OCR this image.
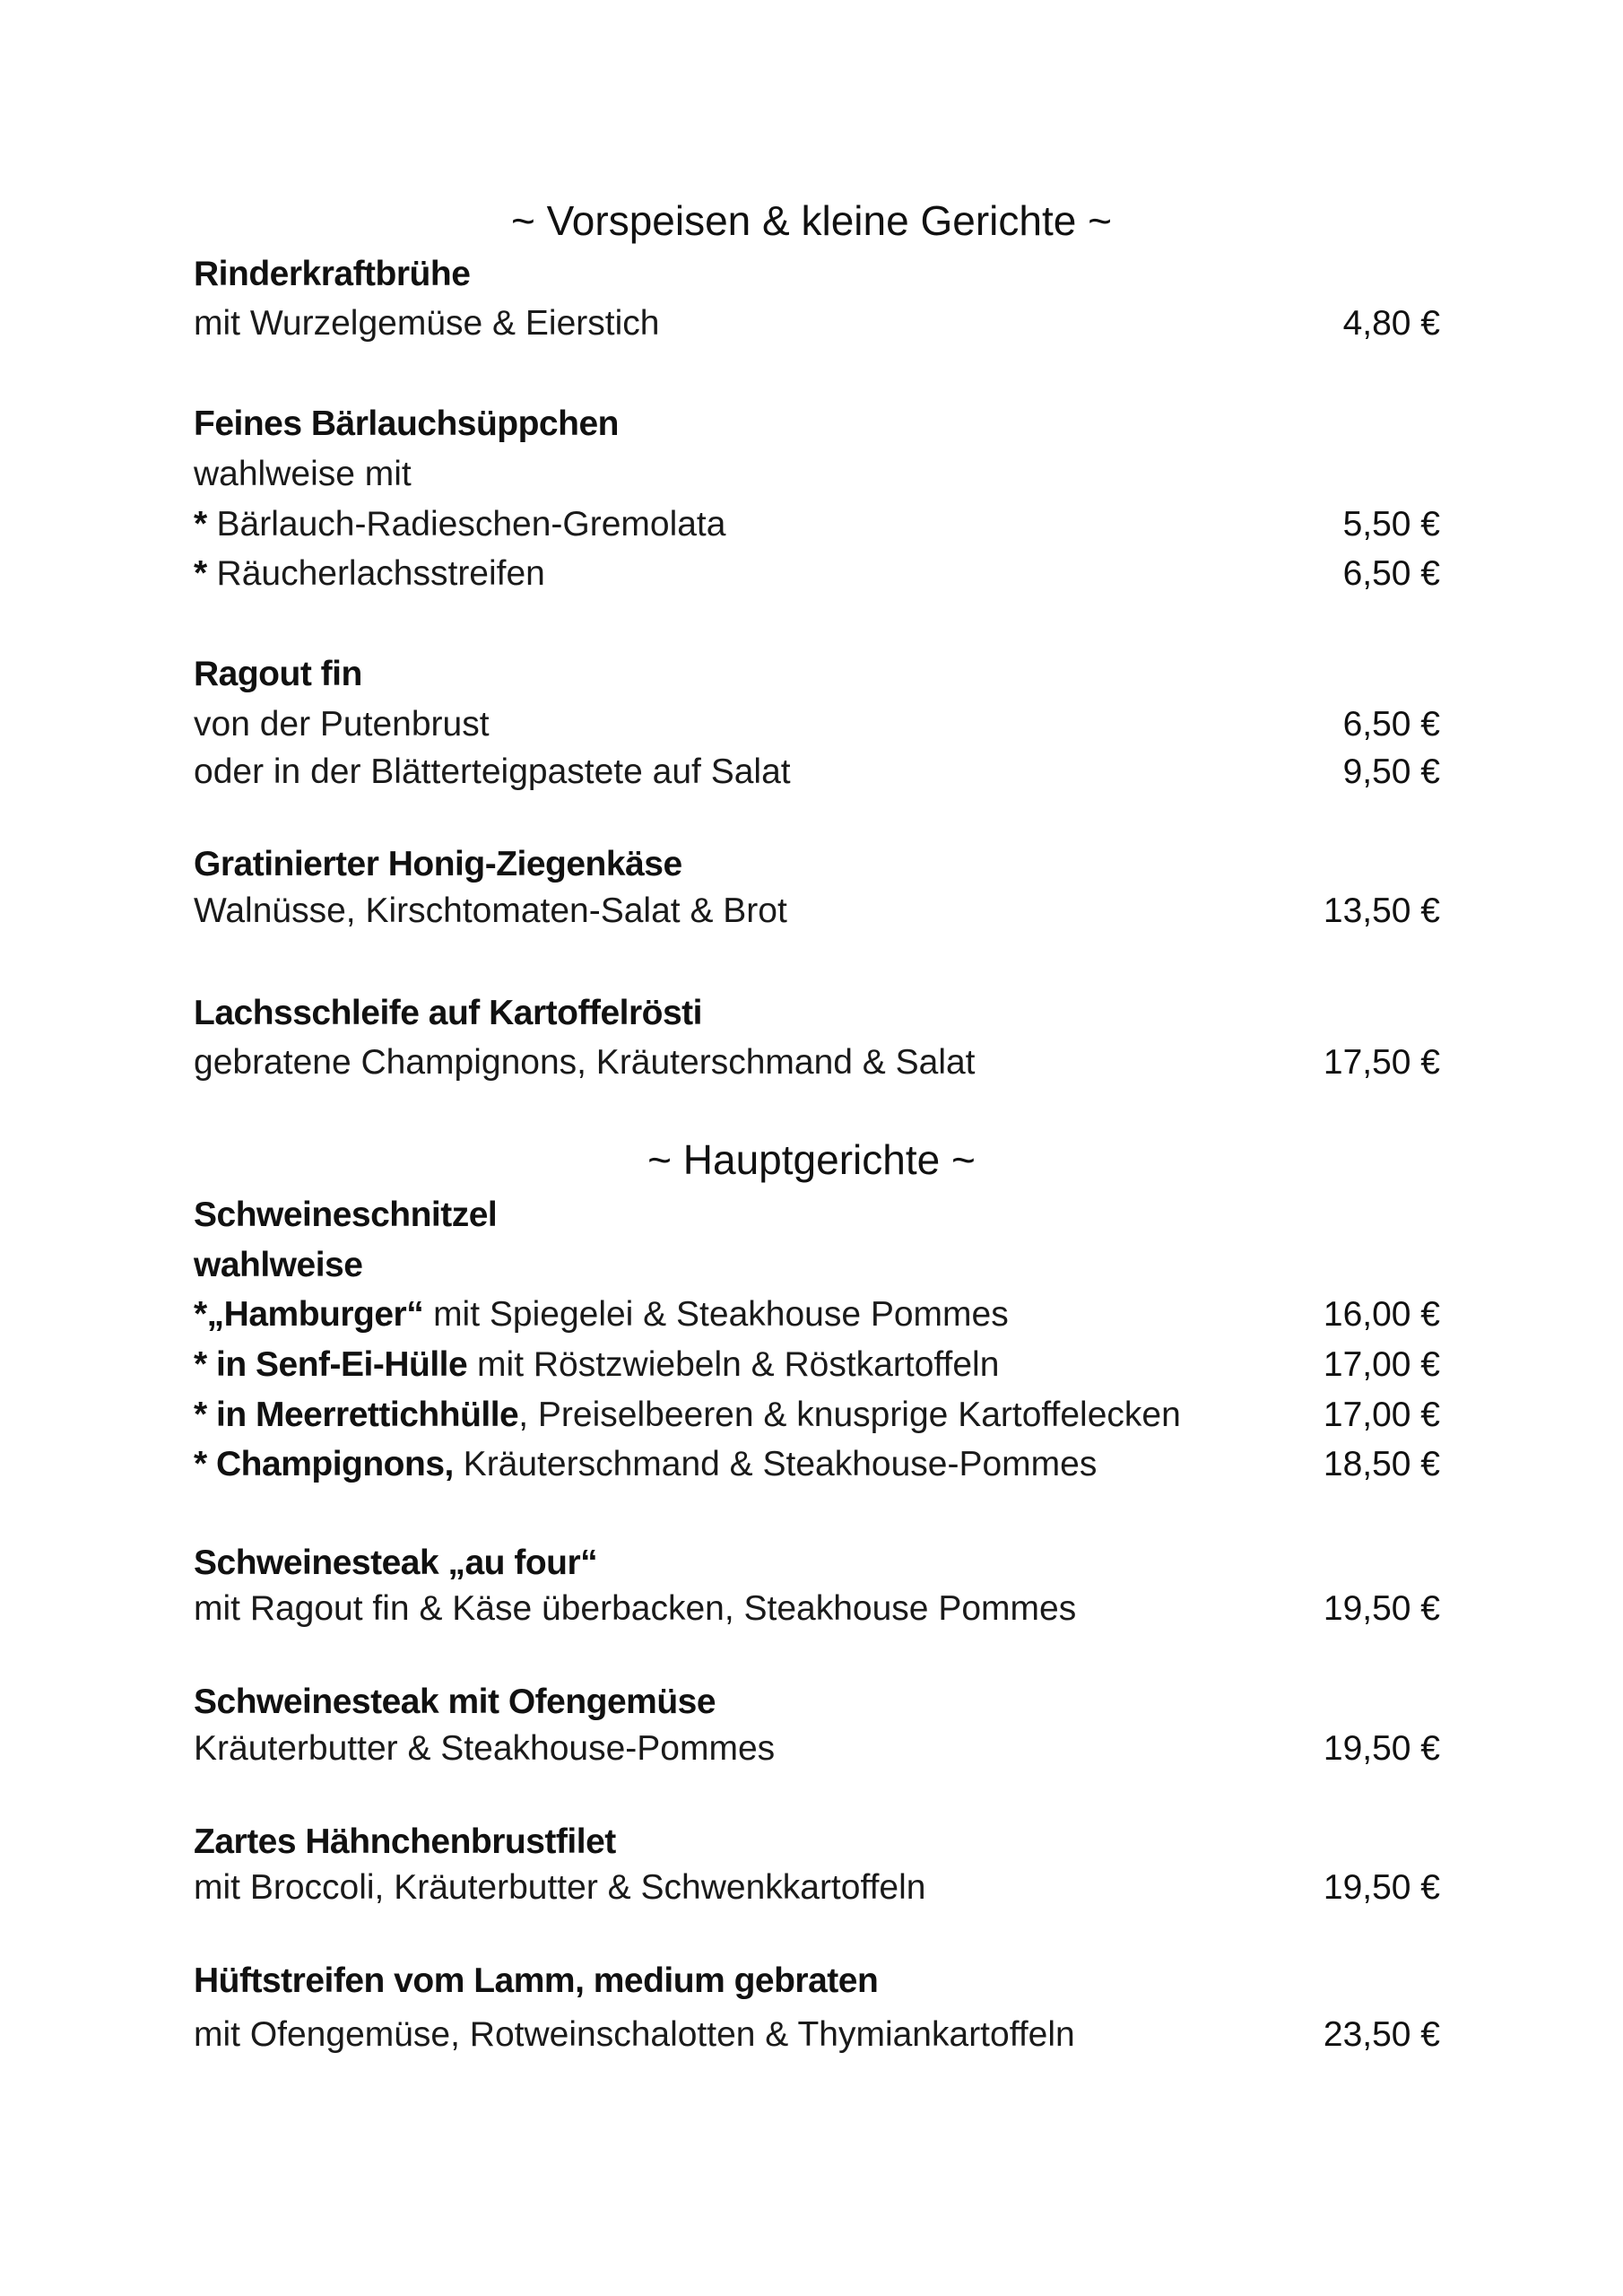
~ Vorspeisen & kleine Gerichte ~
Rinderkraftbrühe
mit Wurzelgemüse & Eierstich	4,80 €
Feines Bärlauchsüppchen
wahlweise mit
* Bärlauch-Radieschen-Gremolata	5,50 €
* Räucherlachsstreifen	6,50 €
Ragout fin
von der Putenbrust	6,50 €
oder in der Blätterteigpastete auf Salat	9,50 €
Gratinierter Honig-Ziegenkäse
Walnüsse, Kirschtomaten-Salat & Brot	13,50 €
Lachsschleife auf Kartoffelrösti
gebratene Champignons, Kräuterschmand & Salat	17,50 €
~ Hauptgerichte ~
Schweineschnitzel
wahlweise
*„Hamburger“ mit Spiegelei & Steakhouse Pommes	16,00 €
* in Senf-Ei-Hülle mit Röstzwiebeln & Röstkartoffeln	17,00 €
* in Meerrettichhülle, Preiselbeeren & knusprige Kartoffelecken	17,00 €
* Champignons, Kräuterschmand & Steakhouse-Pommes	18,50 €
Schweinesteak „au four“
mit Ragout fin & Käse überbacken, Steakhouse Pommes	19,50 €
Schweinesteak mit Ofengemüse
Kräuterbutter & Steakhouse-Pommes	19,50 €
Zartes Hähnchenbrustfilet
mit Broccoli, Kräuterbutter & Schwenkkartoffeln	19,50 €
Hüftstreifen vom Lamm, medium gebraten
mit Ofengemüse, Rotweinschalotten & Thymiankartoffeln	23,50 €
